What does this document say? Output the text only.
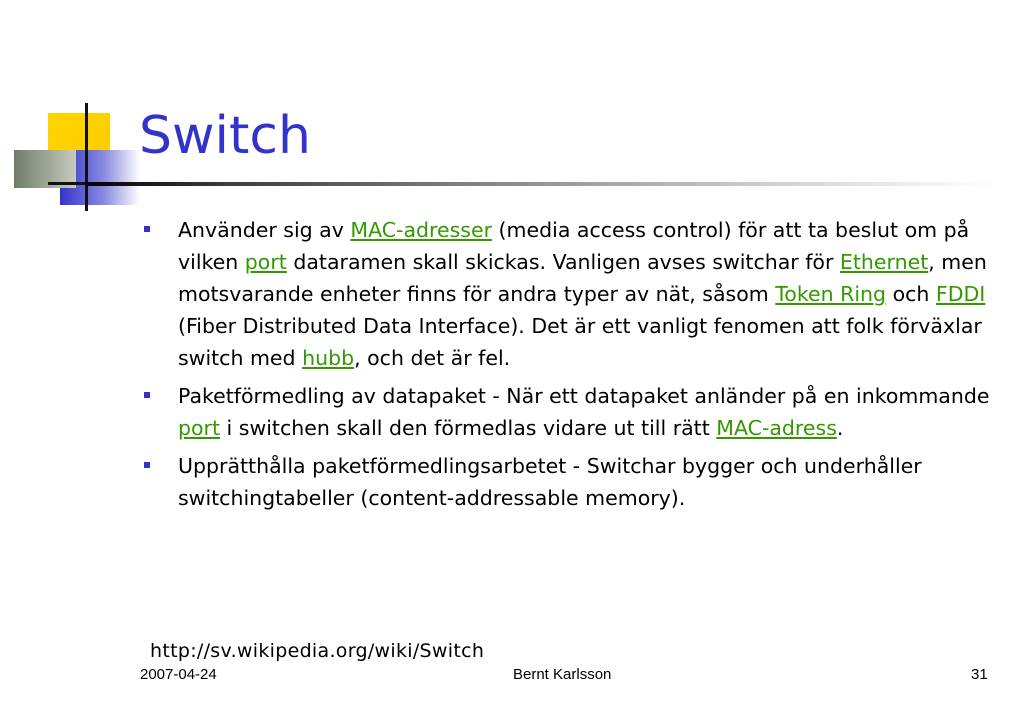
Switch
Använder sig av MAC-adresser (media access control) för att ta beslut om på vilken port dataramen skall skickas. Vanligen avses switchar för Ethernet, men motsvarande enheter finns för andra typer av nät, såsom Token Ring och FDDI (Fiber Distributed Data Interface). Det är ett vanligt fenomen att folk förväxlar switch med hubb, och det är fel.
Paketförmedling av datapaket - När ett datapaket anländer på en inkommande port i switchen skall den förmedlas vidare ut till rätt MAC-adress.
Upprätthålla paketförmedlingsarbetet - Switchar bygger och underhåller switchingtabeller (content-addressable memory).
http://sv.wikipedia.org/wiki/Switch
2007-04-24	Bernt Karlsson	31
